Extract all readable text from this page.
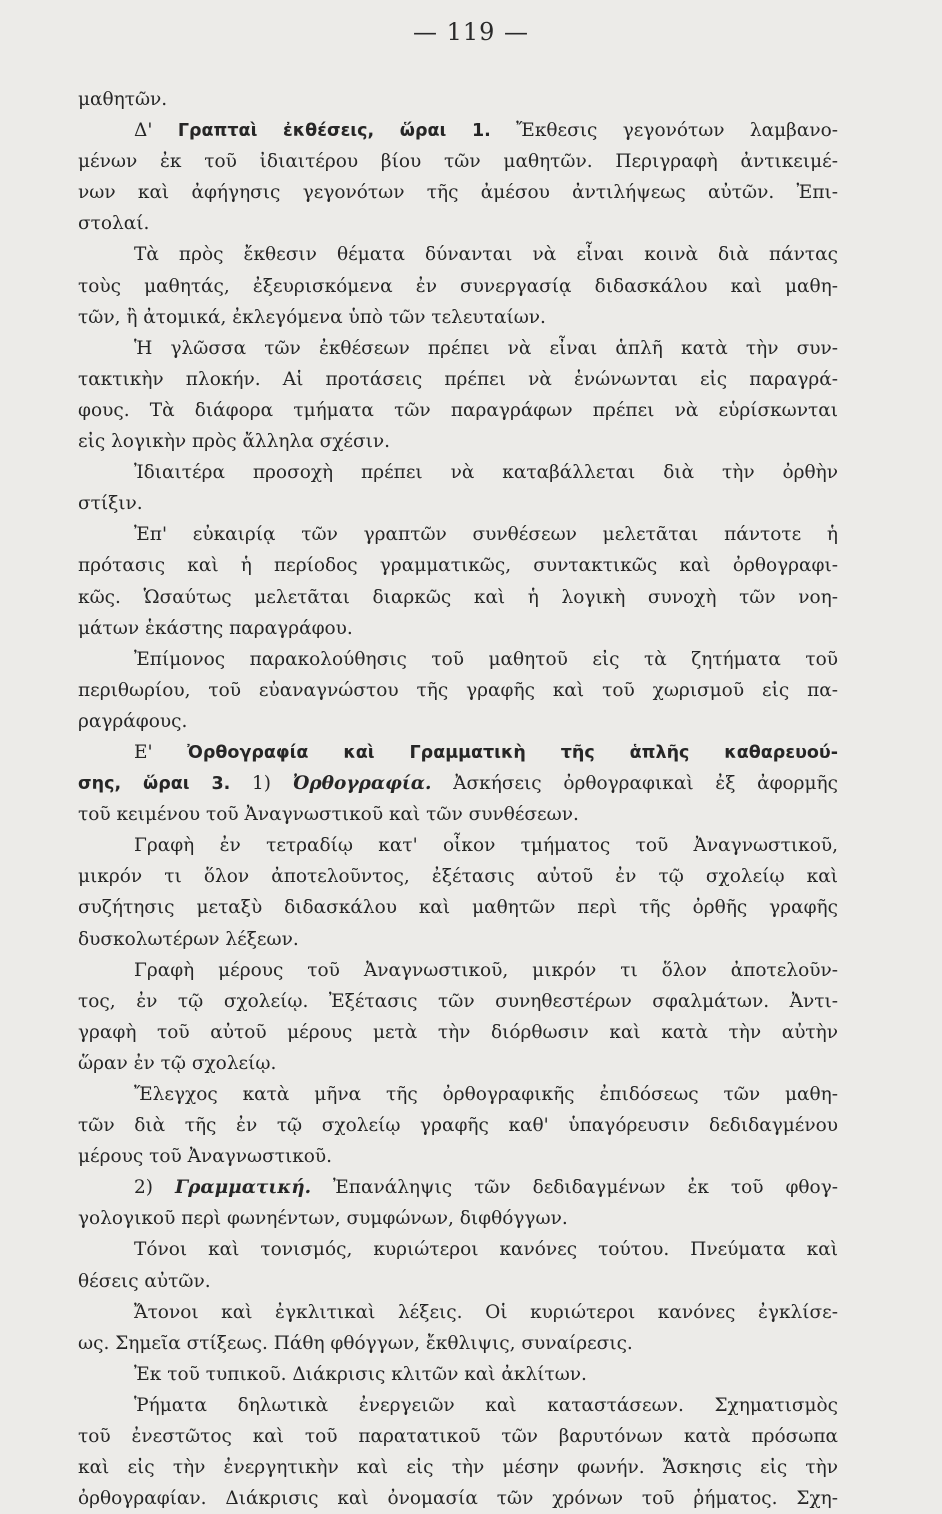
— 119 —
μαθητῶν.
Δ' Γραπταὶ ἐκθέσεις, ὥραι 1. Ἔκθεσις γεγονότων λαμβανο-
μένων ἐκ τοῦ ἰδιαιτέρου βίου τῶν μαθητῶν. Περιγραφὴ ἀντικειμέ-
νων καὶ ἀφήγησις γεγονότων τῆς ἀμέσου ἀντιλήψεως αὐτῶν. Ἐπι-
στολαί.
Τὰ πρὸς ἔκθεσιν θέματα δύνανται νὰ εἶναι κοινὰ διὰ πάντας
τοὺς μαθητάς, ἐξευρισκόμενα ἐν συνεργασίᾳ διδασκάλου καὶ μαθη-
τῶν, ἢ ἀτομικά, ἐκλεγόμενα ὑπὸ τῶν τελευταίων.
Ἡ γλῶσσα τῶν ἐκθέσεων πρέπει νὰ εἶναι ἁπλῆ κατὰ τὴν συν-
τακτικὴν πλοκήν. Αἱ προτάσεις πρέπει νὰ ἑνώνωνται εἰς παραγρά-
φους. Τὰ διάφορα τμήματα τῶν παραγράφων πρέπει νὰ εὑρίσκωνται
εἰς λογικὴν πρὸς ἄλληλα σχέσιν.
Ἰδιαιτέρα προσοχὴ πρέπει νὰ καταβάλλεται διὰ τὴν ὀρθὴν
στίξιν.
Ἐπ' εὐκαιρίᾳ τῶν γραπτῶν συνθέσεων μελετᾶται πάντοτε ἡ
πρότασις καὶ ἡ περίοδος γραμματικῶς, συντακτικῶς καὶ ὀρθογραφι-
κῶς. Ὡσαύτως μελετᾶται διαρκῶς καὶ ἡ λογικὴ συνοχὴ τῶν νοη-
μάτων ἑκάστης παραγράφου.
Ἐπίμονος παρακολούθησις τοῦ μαθητοῦ εἰς τὰ ζητήματα τοῦ
περιθωρίου, τοῦ εὐαναγνώστου τῆς γραφῆς καὶ τοῦ χωρισμοῦ εἰς πα-
ραγράφους.
Ε' Ὀρθογραφία καὶ Γραμματικὴ τῆς ἁπλῆς καθαρευού-
σης, ὥραι 3. 1) Ὀρθογραφία. Ἀσκήσεις ὀρθογραφικαὶ ἐξ ἀφορμῆς
τοῦ κειμένου τοῦ Ἀναγνωστικοῦ καὶ τῶν συνθέσεων.
Γραφὴ ἐν τετραδίῳ κατ' οἶκον τμήματος τοῦ Ἀναγνωστικοῦ,
μικρόν τι ὅλον ἀποτελοῦντος, ἐξέτασις αὐτοῦ ἐν τῷ σχολείῳ καὶ
συζήτησις μεταξὺ διδασκάλου καὶ μαθητῶν περὶ τῆς ὀρθῆς γραφῆς
δυσκολωτέρων λέξεων.
Γραφὴ μέρους τοῦ Ἀναγνωστικοῦ, μικρόν τι ὅλον ἀποτελοῦν-
τος, ἐν τῷ σχολείῳ. Ἐξέτασις τῶν συνηθεστέρων σφαλμάτων. Ἀντι-
γραφὴ τοῦ αὐτοῦ μέρους μετὰ τὴν διόρθωσιν καὶ κατὰ τὴν αὐτὴν
ὥραν ἐν τῷ σχολείῳ.
Ἔλεγχος κατὰ μῆνα τῆς ὀρθογραφικῆς ἐπιδόσεως τῶν μαθη-
τῶν διὰ τῆς ἐν τῷ σχολείῳ γραφῆς καθ' ὑπαγόρευσιν δεδιδαγμένου
μέρους τοῦ Ἀναγνωστικοῦ.
2) Γραμματική. Ἐπανάληψις τῶν δεδιδαγμένων ἐκ τοῦ φθογ-
γολογικοῦ περὶ φωνηέντων, συμφώνων, διφθόγγων.
Τόνοι καὶ τονισμός, κυριώτεροι κανόνες τούτου. Πνεύματα καὶ
θέσεις αὐτῶν.
Ἄτονοι καὶ ἐγκλιτικαὶ λέξεις. Οἱ κυριώτεροι κανόνες ἐγκλίσε-
ως. Σημεῖα στίξεως. Πάθη φθόγγων, ἔκθλιψις, συναίρεσις.
Ἐκ τοῦ τυπικοῦ. Διάκρισις κλιτῶν καὶ ἀκλίτων.
Ῥήματα δηλωτικὰ ἐνεργειῶν καὶ καταστάσεων. Σχηματισμὸς
τοῦ ἐνεστῶτος καὶ τοῦ παρατατικοῦ τῶν βαρυτόνων κατὰ πρόσωπα
καὶ εἰς τὴν ἐνεργητικὴν καὶ εἰς τὴν μέσην φωνήν. Ἄσκησις εἰς τὴν
ὀρθογραφίαν. Διάκρισις καὶ ὀνομασία τῶν χρόνων τοῦ ῥήματος. Σχη-
